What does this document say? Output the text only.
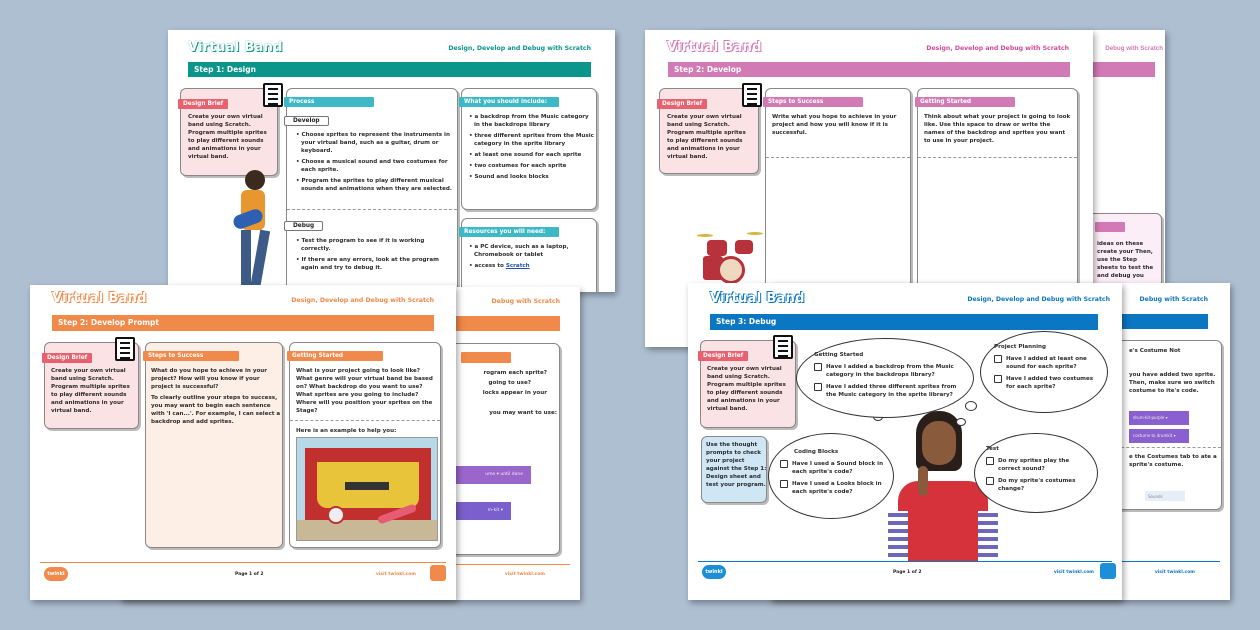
Virtual Band	Design, Develop and Debug with Scratch
Step 1: Design
Design Brief
Create your own virtual band using Scratch. Program multiple sprites to play different sounds and animations in your virtual band.
Process
Develop
• Choose sprites to represent the instruments in your virtual band, such as a guitar, drum or keyboard.
• Choose a musical sound and two costumes for each sprite.
• Program the sprites to play different musical sounds and animations when they are selected.
Debug
• Test the program to see if it is working correctly.
• If there are any errors, look at the program again and try to debug it.
What you should include:
• a backdrop from the Music category in the backdrops library
• three different sprites from the Music category in the sprite library
• at least one sound for each sprite
• two costumes for each sprite
• Sound and looks blocks
Resources you will need:
• a PC device, such as a laptop, Chromebook or tablet
• access to Scratch
Debug with Scratch
ideas on these create your Then, use the Step sheets to test the and debug you
Virtual Band	Design, Develop and Debug with Scratch
Step 2: Develop
Design Brief
Create your own virtual band using Scratch. Program multiple sprites to play different sounds and animations in your virtual band.
Steps to Success
Write what you hope to achieve in your project and how you will know if it is successful.
Getting Started
Think about what your project is going to look like. Use this space to draw or write the names of the backdrop and sprites you want to use in your project.
Debug with Scratch
rogram each sprite?
going to use?
locks appear in your
you may want to use:
ume ▾ until done
m-kit ▾
visit twinkl.com
Virtual Band	Design, Develop and Debug with Scratch
Step 2: Develop Prompt
Design Brief
Create your own virtual band using Scratch. Program multiple sprites to play different sounds and animations in your virtual band.
Steps to Success

What do you hope to achieve in your project? How will you know if your project is successful?

To clearly outline your steps to success, you may want to begin each sentence with 'I can...'. For example, I can select a backdrop and add sprites.

Getting Started
What is your project going to look like? What genre will your virtual band be based on? What backdrop do you want to use? What sprites are you going to include? Where will you position your sprites on the Stage?
Here is an example to help you:
twinkl	Page 1 of 2	visit twinkl.com
Debug with Scratch
e's Costume Not
you have added two sprite. Then, make sure wo switch costume to ite's code.
drum-kit-purple ▾
costume to drumkit ▾
e the Costumes tab to ate a sprite's costume.
Sounds
visit twinkl.com
Virtual Band	Design, Develop and Debug with Scratch
Step 3: Debug
Design Brief
Create your own virtual band using Scratch. Program multiple sprites to play different sounds and animations in your virtual band.
Use the thought prompts to check your project against the Step 1: Design sheet and test your program.
Getting Started
Have I added a backdrop from the Music category in the backdrops library?
Have I added three different sprites from the Music category in the sprite library?
Project Planning
Have I added at least one sound for each sprite?
Have I added two costumes for each sprite?
Coding Blocks
Have I used a Sound block in each sprite's code?
Have I used a Looks block in each sprite's code?
Test
Do my sprites play the correct sound?
Do my sprite's costumes change?
twinkl	Page 1 of 2	visit twinkl.com
